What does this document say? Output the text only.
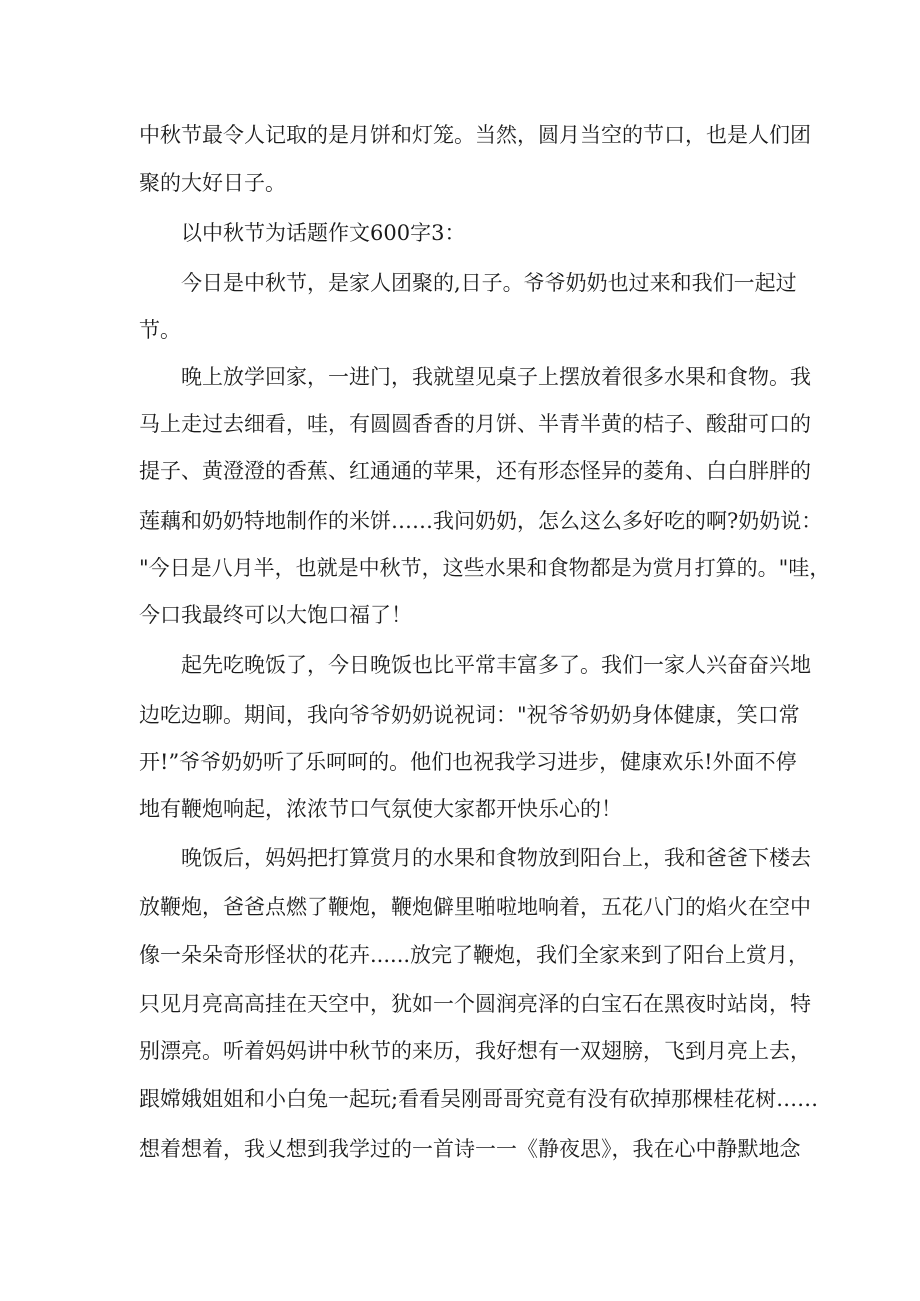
中秋节最令人记取的是月饼和灯笼。当然，圆月当空的节口，也是人们团

聚的大好日子。

以中秋节为话题作文600字3：

今日是中秋节，是家人团聚的,日子。爷爷奶奶也过来和我们一起过

节。

晚上放学回家，一进门，我就望见桌子上摆放着很多水果和食物。我

马上走过去细看，哇，有圆圆香香的月饼、半青半黄的桔子、酸甜可口的

提子、黄澄澄的香蕉、红通通的苹果，还有形态怪异的菱角、白白胖胖的

莲藕和奶奶特地制作的米饼……我问奶奶，怎么这么多好吃的啊?奶奶说：

"今日是八月半，也就是中秋节，这些水果和食物都是为赏月打算的。"哇，

今口我最终可以大饱口福了！

起先吃晚饭了，今日晚饭也比平常丰富多了。我们一家人兴奋奋兴地

边吃边聊。期间，我向爷爷奶奶说祝词："祝爷爷奶奶身体健康，笑口常

开!”爷爷奶奶听了乐呵呵的。他们也祝我学习进步，健康欢乐!外面不停

地有鞭炮响起，浓浓节口气氛使大家都开快乐心的！

晚饭后，妈妈把打算赏月的水果和食物放到阳台上，我和爸爸下楼去

放鞭炮，爸爸点燃了鞭炮，鞭炮僻里啪啦地响着，五花八门的焰火在空中

像一朵朵奇形怪状的花卉......放完了鞭炮，我们全家来到了阳台上赏月，

只见月亮高高挂在天空中，犹如一个圆润亮泽的白宝石在黑夜时站岗，特

别漂亮。听着妈妈讲中秋节的来历，我好想有一双翅膀，飞到月亮上去，

跟嫦娥姐姐和小白兔一起玩;看看吴刚哥哥究竟有没有砍掉那棵桂花树……

想着想着，我乂想到我学过的一首诗一一《静夜思》，我在心中静默地念
